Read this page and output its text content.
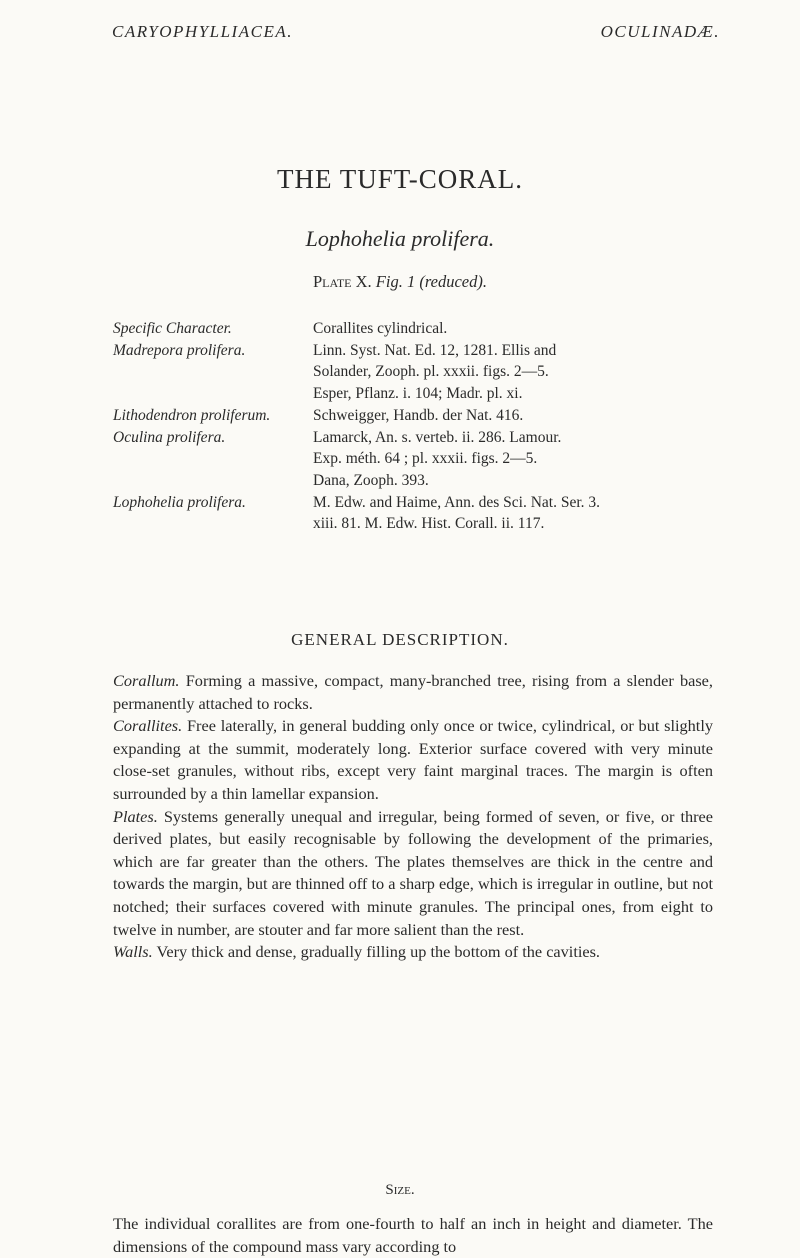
CARYOPHYLLIACEA.	OCULINADÆ.
THE TUFT-CORAL.
Lophohelia prolifera.
Plate X. Fig. 1 (reduced).
Specific Character.	Corallites cylindrical.
Madrepora prolifera.	Linn. Syst. Nat. Ed. 12, 1281. Ellis and
Solander, Zooph. pl. xxxii. figs. 2—5.
Esper, Pflanz. i. 104; Madr. pl. xi.
Lithodendron proliferum.	Schweigger, Handb. der Nat. 416.
Oculina prolifera.	Lamarck, An. s. verteb. ii. 286. Lamour.
Exp. méth. 64 ; pl. xxxii. figs. 2—5.
Dana, Zooph. 393.
Lophohelia prolifera.	M. Edw. and Haime, Ann. des Sci. Nat. Ser. 3.
xiii. 81. M. Edw. Hist. Corall. ii. 117.
GENERAL DESCRIPTION.

Corallum. Forming a massive, compact, many-branched tree, rising from a slender base, permanently attached to rocks.

Corallites. Free laterally, in general budding only once or twice, cylindrical, or but slightly expanding at the summit, moderately long. Exterior surface covered with very minute close-set granules, without ribs, except very faint marginal traces. The margin is often surrounded by a thin lamellar expansion.

Plates. Systems generally unequal and irregular, being formed of seven, or five, or three derived plates, but easily recognisable by following the development of the primaries, which are far greater than the others. The plates themselves are thick in the centre and towards the margin, but are thinned off to a sharp edge, which is irregular in outline, but not notched; their surfaces covered with minute granules. The principal ones, from eight to twelve in number, are stouter and far more salient than the rest.

Walls. Very thick and dense, gradually filling up the bottom of the cavities.

Size.
The individual corallites are from one-fourth to half an inch in height and diameter. The dimensions of the compound mass vary according to
